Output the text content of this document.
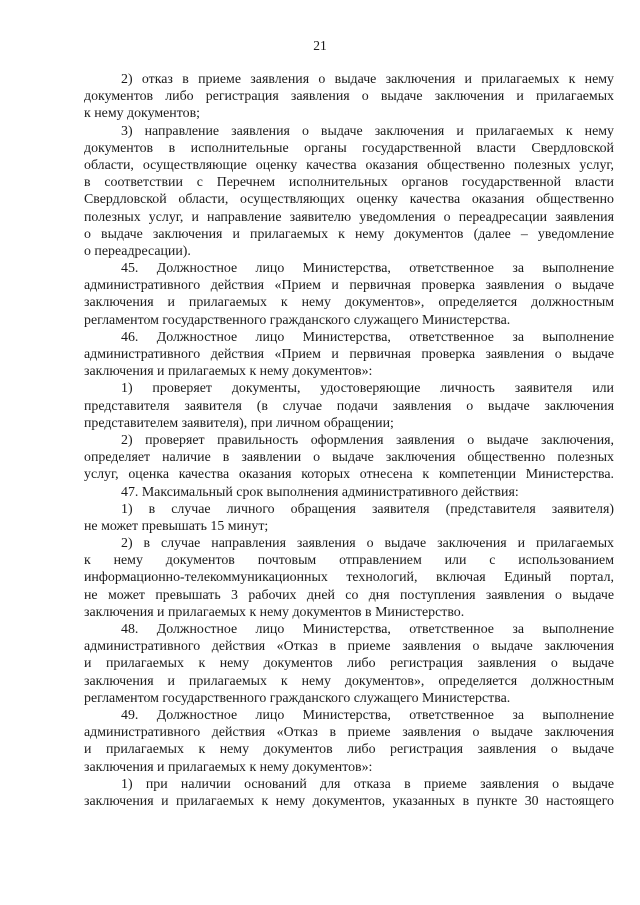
21
2) отказ в приеме заявления о выдаче заключения и прилагаемых к нему
документов либо регистрация заявления о выдаче заключения и прилагаемых
к нему документов;
3) направление заявления о выдаче заключения и прилагаемых к нему
документов в исполнительные органы государственной власти Свердловской
области, осуществляющие оценку качества оказания общественно полезных услуг,
в соответствии с Перечнем исполнительных органов государственной власти
Свердловской области, осуществляющих оценку качества оказания общественно
полезных услуг, и направление заявителю уведомления о переадресации заявления
о выдаче заключения и прилагаемых к нему документов (далее – уведомление
о переадресации).
45. Должностное лицо Министерства, ответственное за выполнение
административного действия «Прием и первичная проверка заявления о выдаче
заключения и прилагаемых к нему документов», определяется должностным
регламентом государственного гражданского служащего Министерства.
46. Должностное лицо Министерства, ответственное за выполнение
административного действия «Прием и первичная проверка заявления о выдаче
заключения и прилагаемых к нему документов»:
1) проверяет документы, удостоверяющие личность заявителя или
представителя заявителя (в случае подачи заявления о выдаче заключения
представителем заявителя), при личном обращении;
2) проверяет правильность оформления заявления о выдаче заключения,
определяет наличие в заявлении о выдаче заключения общественно полезных
услуг, оценка качества оказания которых отнесена к компетенции Министерства.
47. Максимальный срок выполнения административного действия:
1) в случае личного обращения заявителя (представителя заявителя)
не может превышать 15 минут;
2) в случае направления заявления о выдаче заключения и прилагаемых
к нему документов почтовым отправлением или с использованием
информационно-телекоммуникационных технологий, включая Единый портал,
не может превышать 3 рабочих дней со дня поступления заявления о выдаче
заключения и прилагаемых к нему документов в Министерство.
48. Должностное лицо Министерства, ответственное за выполнение
административного действия «Отказ в приеме заявления о выдаче заключения
и прилагаемых к нему документов либо регистрация заявления о выдаче
заключения и прилагаемых к нему документов», определяется должностным
регламентом государственного гражданского служащего Министерства.
49. Должностное лицо Министерства, ответственное за выполнение
административного действия «Отказ в приеме заявления о выдаче заключения
и прилагаемых к нему документов либо регистрация заявления о выдаче
заключения и прилагаемых к нему документов»:
1) при наличии оснований для отказа в приеме заявления о выдаче
заключения и прилагаемых к нему документов, указанных в пункте 30 настоящего
